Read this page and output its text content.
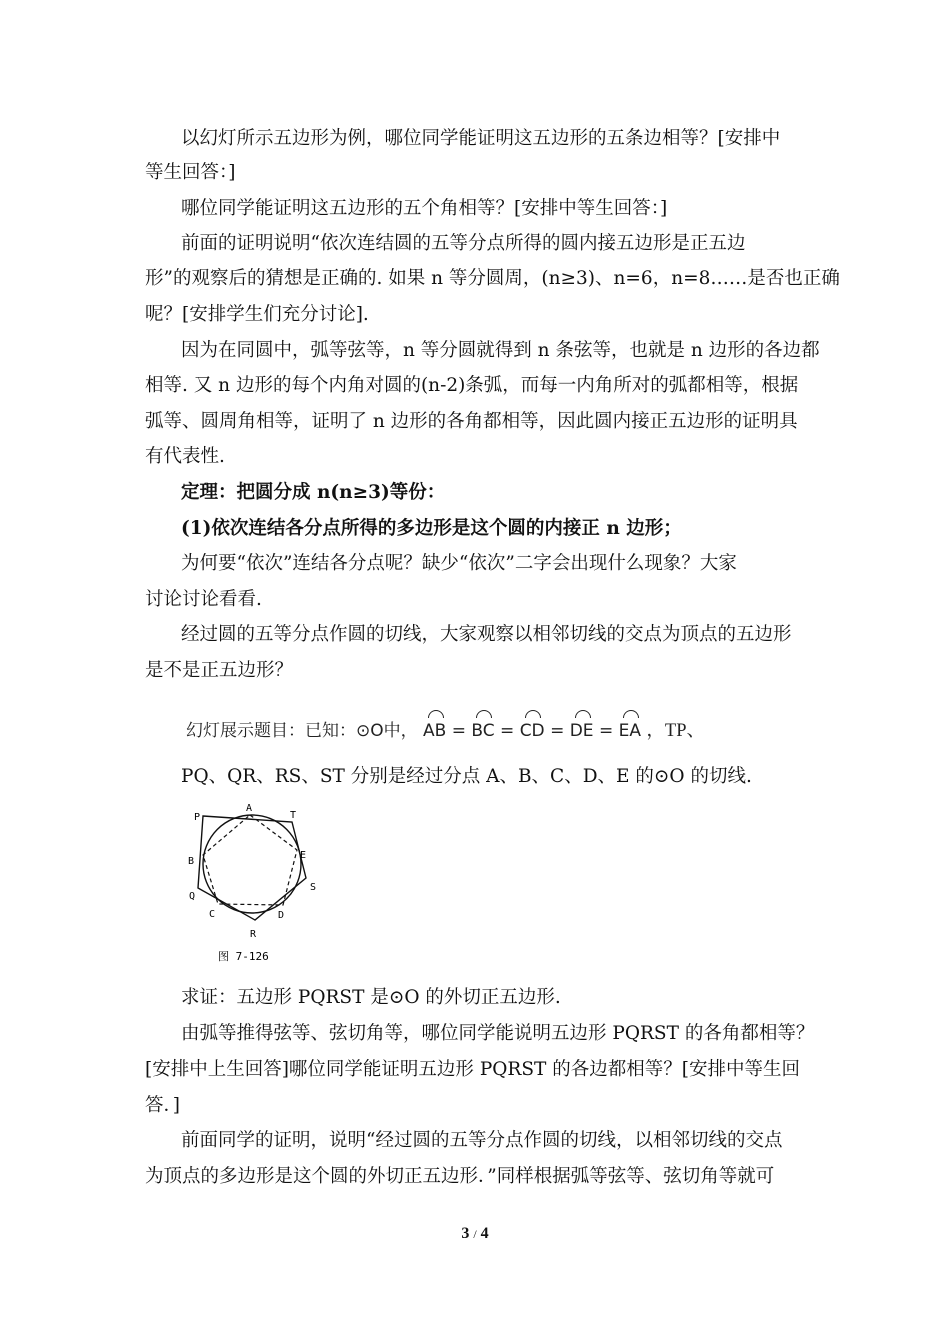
以幻灯所示五边形为例，哪位同学能证明这五边形的五条边相等？[安排中
等生回答：]
哪位同学能证明这五边形的五个角相等？[安排中等生回答：]
前面的证明说明“依次连结圆的五等分点所得的圆内接五边形是正五边
形”的观察后的猜想是正确的. 如果 n 等分圆周，(n≥3)、n=6，n=8……是否也正确
呢？[安排学生们充分讨论].
因为在同圆中，弧等弦等，n 等分圆就得到 n 条弦等，也就是 n 边形的各边都
相等. 又 n 边形的每个内角对圆的(n-2)条弧，而每一内角所对的弧都相等，根据
弧等、圆周角相等，证明了 n 边形的各角都相等，因此圆内接正五边形的证明具
有代表性.
定理：把圆分成 n(n≥3)等份：
(1)依次连结各分点所得的多边形是这个圆的内接正 n 边形；
为何要“依次”连结各分点呢？缺少“依次”二字会出现什么现象？大家
讨论讨论看看.
经过圆的五等分点作圆的切线，大家观察以相邻切线的交点为顶点的五边形
是不是正五边形？
幻灯展示题目：已知：⊙O中， AB = BC = CD = DE = EA ，TP、
PQ、QR、RS、ST 分别是经过分点 A、B、C、D、E 的⊙O 的切线.
P
A
T
B
E
Q
S
C	D
R
图 7-126
求证：五边形 PQRST 是⊙O 的外切正五边形.
由弧等推得弦等、弦切角等，哪位同学能说明五边形 PQRST 的各角都相等？
[安排中上生回答]哪位同学能证明五边形 PQRST 的各边都相等？[安排中等生回
答．]
前面同学的证明，说明“经过圆的五等分点作圆的切线，以相邻切线的交点
为顶点的多边形是这个圆的外切正五边形．”同样根据弧等弦等、弦切角等就可
3 / 4
